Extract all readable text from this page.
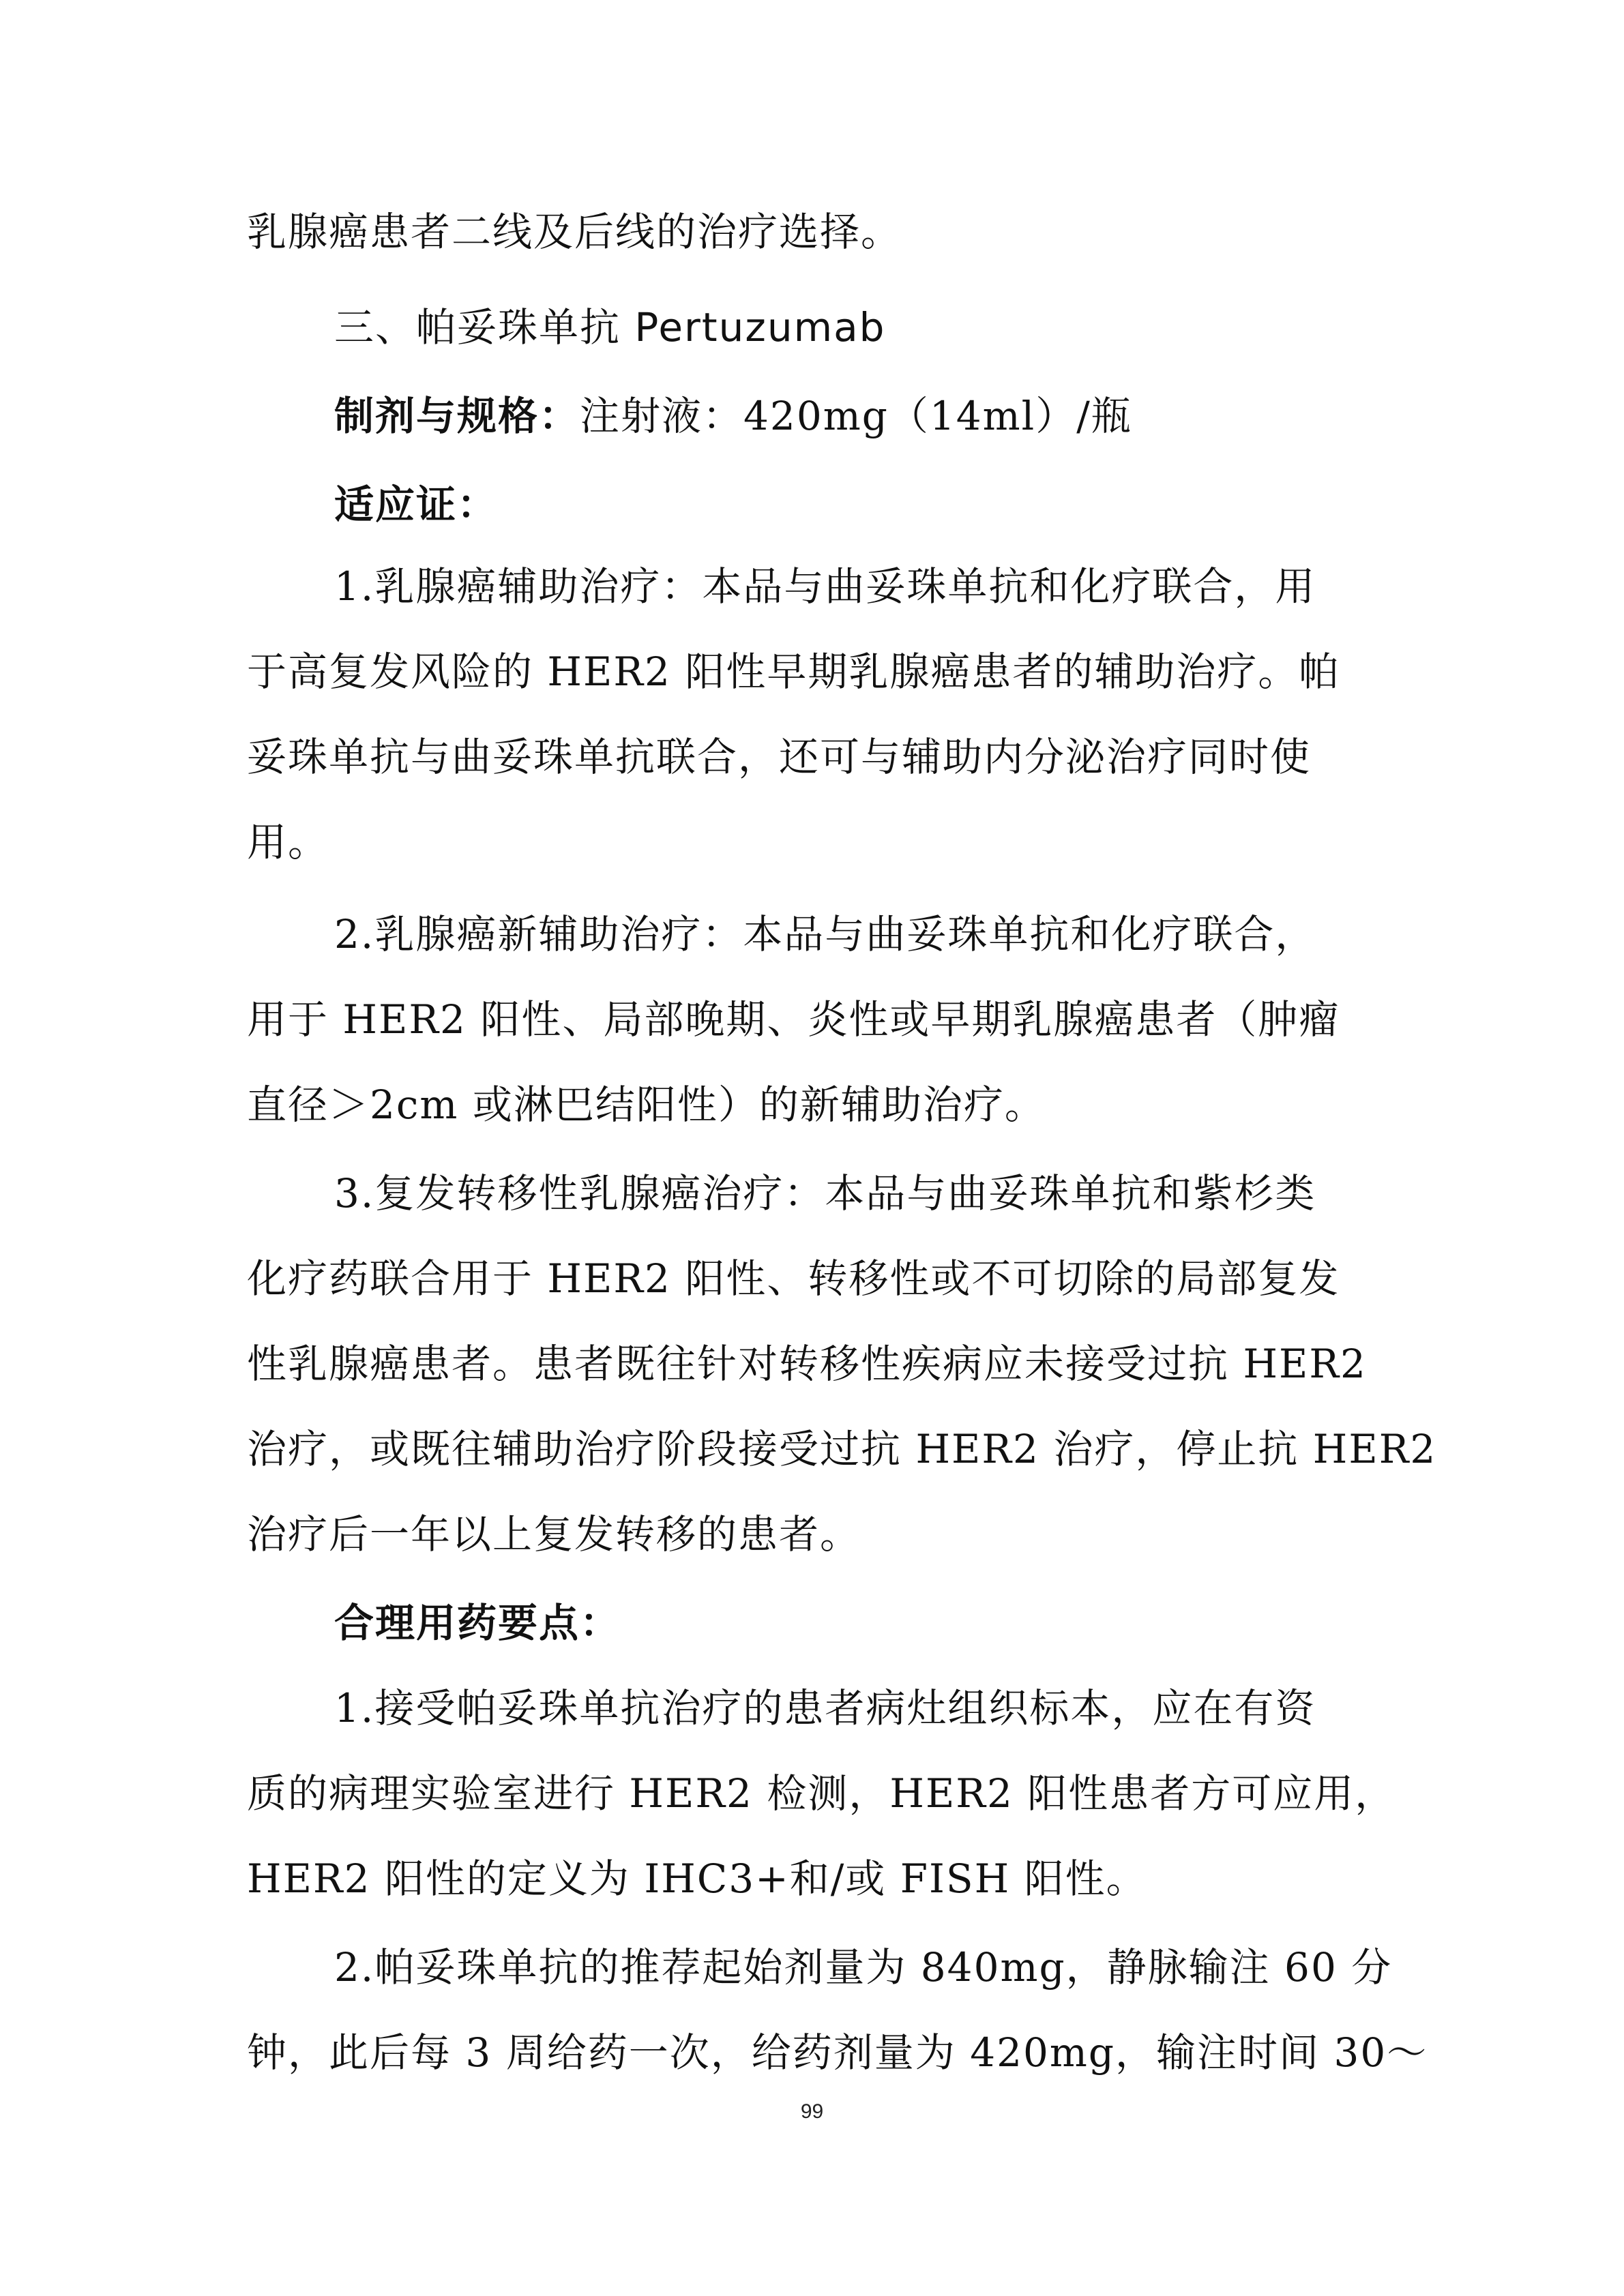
乳腺癌患者二线及后线的治疗选择。
三、帕妥珠单抗 Pertuzumab
制剂与规格：注射液：420mg（14ml）/瓶
适应证：
1.乳腺癌辅助治疗：本品与曲妥珠单抗和化疗联合，用
于高复发风险的 HER2 阳性早期乳腺癌患者的辅助治疗。帕
妥珠单抗与曲妥珠单抗联合，还可与辅助内分泌治疗同时使
用。
2.乳腺癌新辅助治疗：本品与曲妥珠单抗和化疗联合，
用于 HER2 阳性、局部晚期、炎性或早期乳腺癌患者（肿瘤
直径＞2cm 或淋巴结阳性）的新辅助治疗。
3.复发转移性乳腺癌治疗：本品与曲妥珠单抗和紫杉类
化疗药联合用于 HER2 阳性、转移性或不可切除的局部复发
性乳腺癌患者。患者既往针对转移性疾病应未接受过抗 HER2
治疗，或既往辅助治疗阶段接受过抗 HER2 治疗，停止抗 HER2
治疗后一年以上复发转移的患者。
合理用药要点：
1.接受帕妥珠单抗治疗的患者病灶组织标本，应在有资
质的病理实验室进行 HER2 检测，HER2 阳性患者方可应用，
HER2 阳性的定义为 IHC3+和/或 FISH 阳性。
2.帕妥珠单抗的推荐起始剂量为 840mg，静脉输注 60 分
钟，此后每 3 周给药一次，给药剂量为 420mg，输注时间 30～
99
